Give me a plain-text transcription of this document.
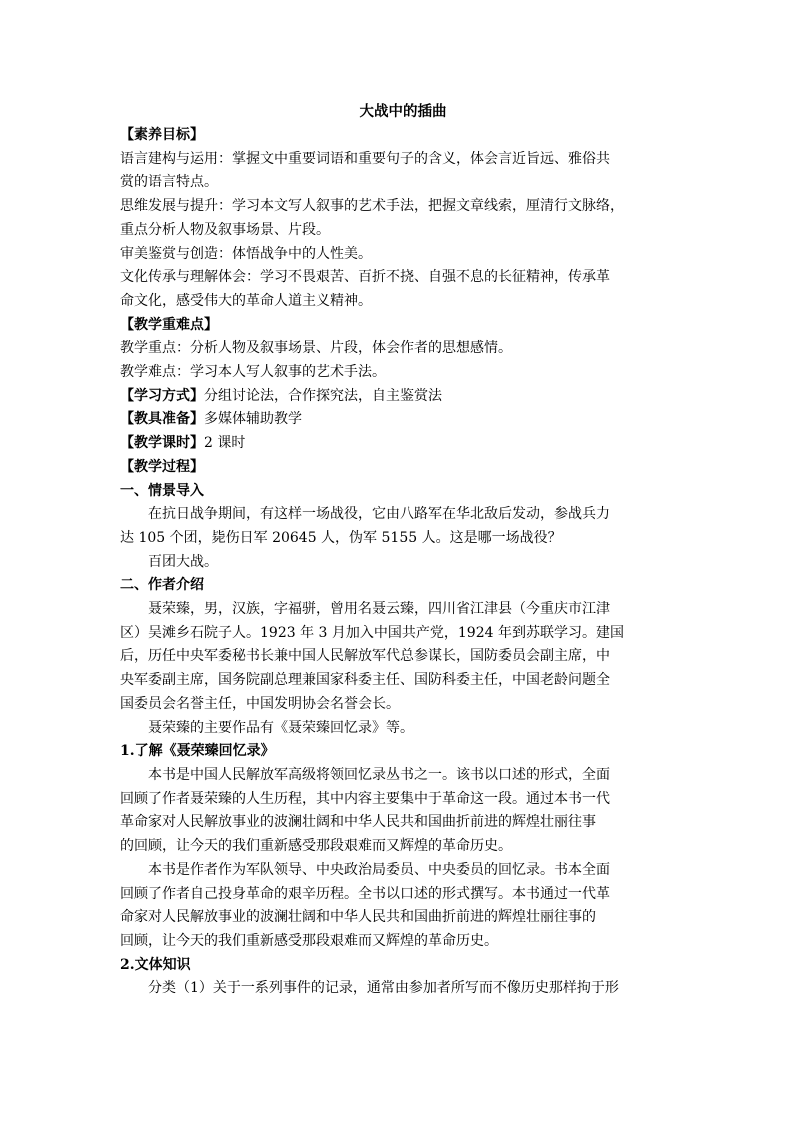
大战中的插曲

【素养目标】

语言建构与运用：掌握文中重要词语和重要句子的含义，体会言近旨远、雅俗共

赏的语言特点。

思维发展与提升：学习本文写人叙事的艺术手法，把握文章线索，厘清行文脉络，

重点分析人物及叙事场景、片段。

审美鉴赏与创造：体悟战争中的人性美。

文化传承与理解体会：学习不畏艰苦、百折不挠、自强不息的长征精神，传承革

命文化，感受伟大的革命人道主义精神。

【教学重难点】

教学重点：分析人物及叙事场景、片段，体会作者的思想感情。

教学难点：学习本人写人叙事的艺术手法。

【学习方式】分组讨论法，合作探究法，自主鉴赏法

【教具准备】多媒体辅助教学

【教学课时】2 课时

【教学过程】

一、情景导入

在抗日战争期间，有这样一场战役，它由八路军在华北敌后发动，参战兵力

达 105 个团，毙伤日军 20645 人，伪军 5155 人。这是哪一场战役？

百团大战。

二、作者介绍

聂荣臻，男，汉族，字福骈，曾用名聂云臻，四川省江津县（今重庆市江津

区）吴滩乡石院子人。1923 年 3 月加入中国共产党，1924 年到苏联学习。建国

后，历任中央军委秘书长兼中国人民解放军代总参谋长，国防委员会副主席，中

央军委副主席，国务院副总理兼国家科委主任、国防科委主任，中国老龄问题全

国委员会名誉主任，中国发明协会名誉会长。

聂荣臻的主要作品有《聂荣臻回忆录》等。

1.了解《聂荣臻回忆录》

本书是中国人民解放军高级将领回忆录丛书之一。该书以口述的形式，全面

回顾了作者聂荣臻的人生历程，其中内容主要集中于革命这一段。通过本书一代

革命家对人民解放事业的波澜壮阔和中华人民共和国曲折前进的辉煌壮丽往事

的回顾，让今天的我们重新感受那段艰难而又辉煌的革命历史。

本书是作者作为军队领导、中央政治局委员、中央委员的回忆录。书本全面

回顾了作者自己投身革命的艰辛历程。全书以口述的形式撰写。本书通过一代革

命家对人民解放事业的波澜壮阔和中华人民共和国曲折前进的辉煌壮丽往事的

回顾，让今天的我们重新感受那段艰难而又辉煌的革命历史。

2.文体知识

分类（1）关于一系列事件的记录，通常由参加者所写而不像历史那样拘于形
